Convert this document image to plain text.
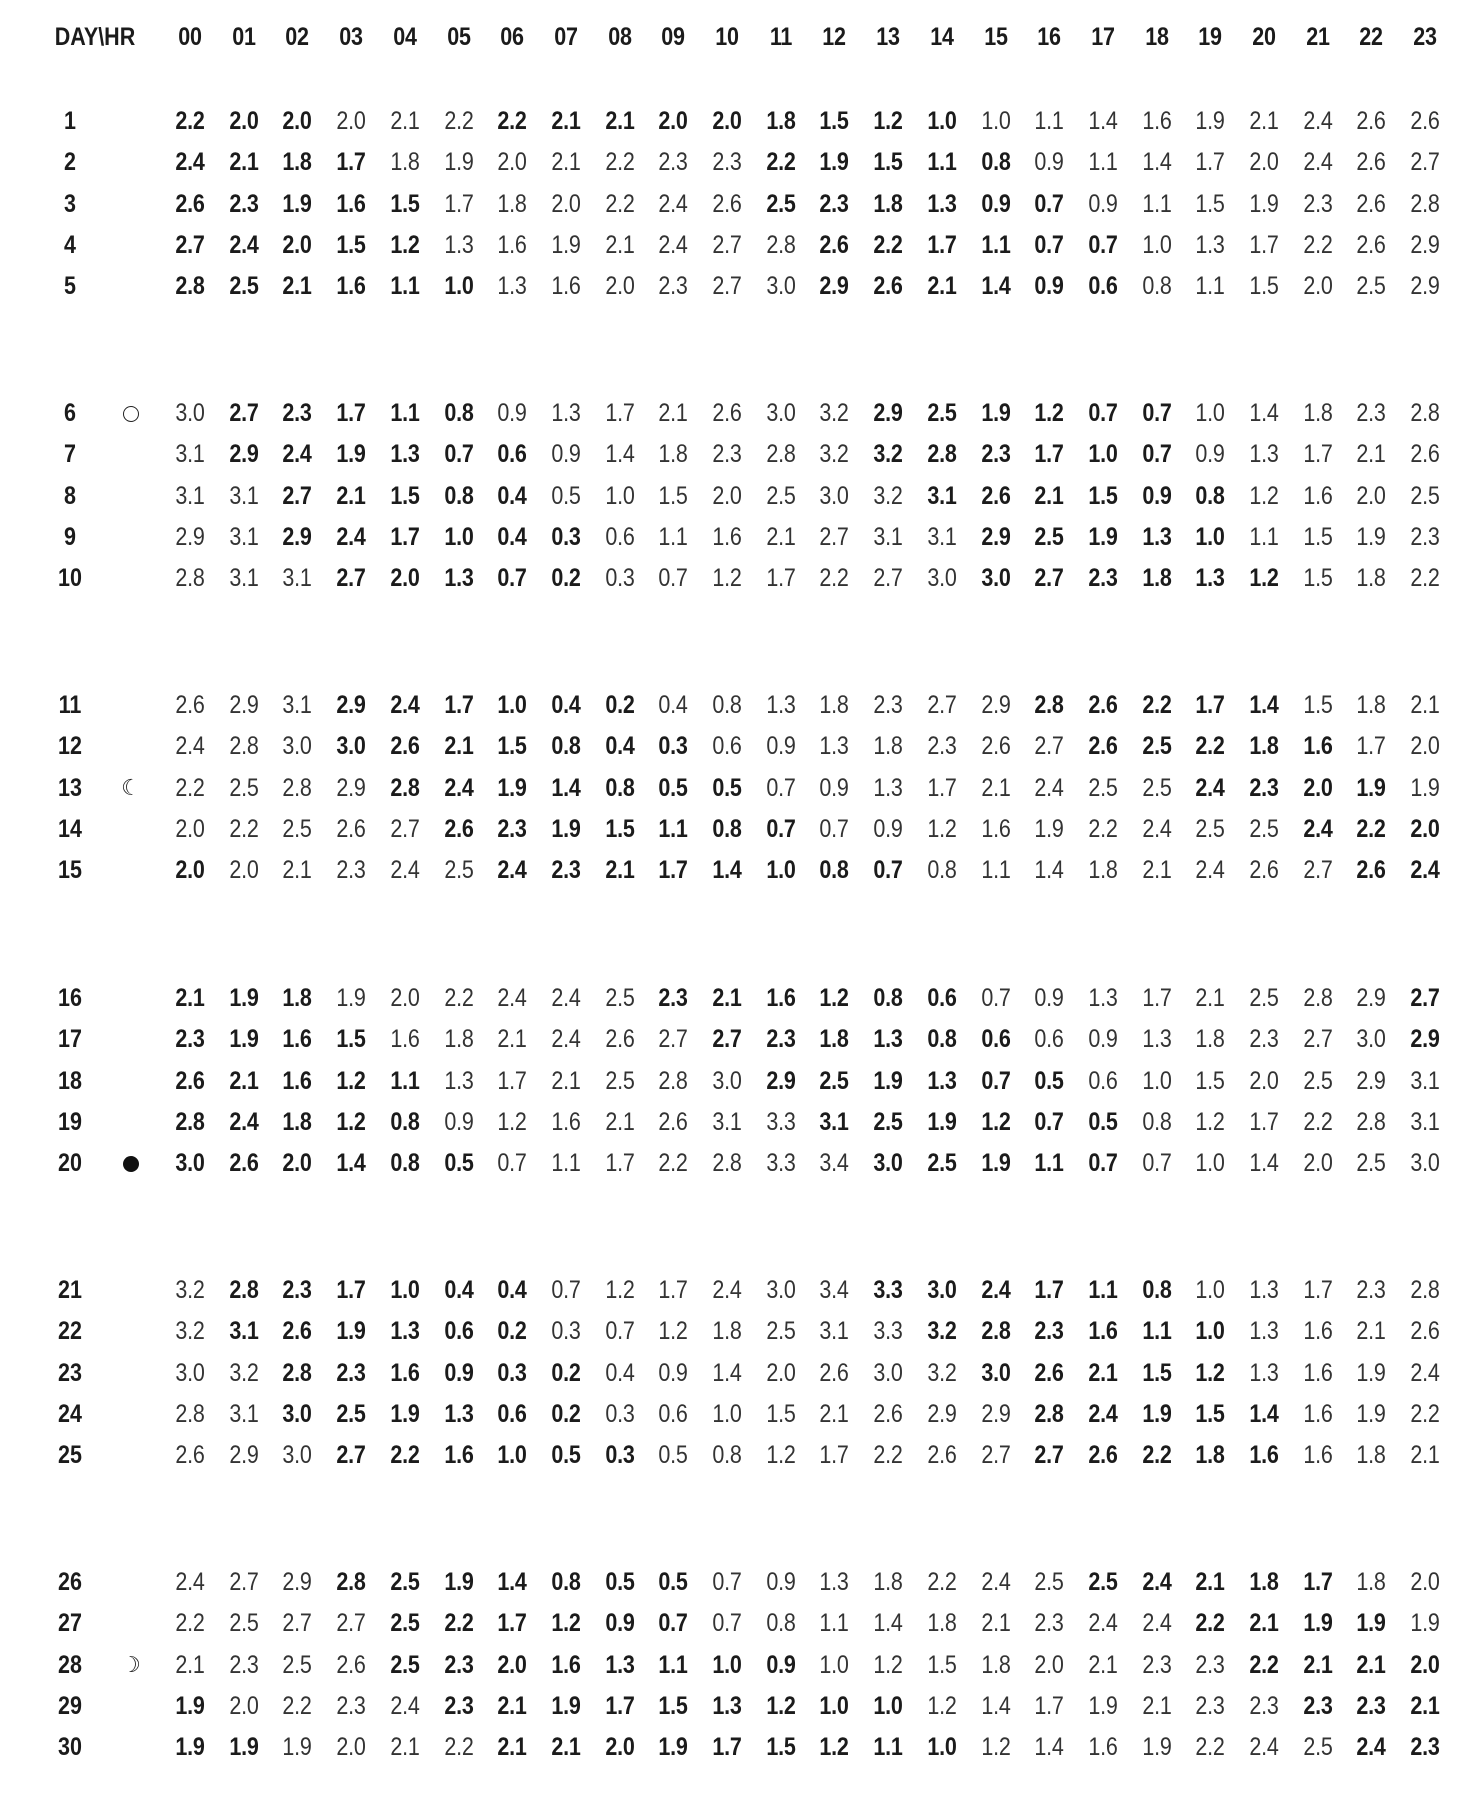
DAY\HR	00	01	02	03	04	05	06	07	08	09	10	11	12	13	14	15	16	17	18	19	20	21	22	23
1	2.2 2.0 2.0 2.0 2.1 2.2 2.2 2.1 2.1 2.0 2.0 1.8 1.5 1.2 1.0 1.0 1.1 1.4 1.6 1.9 2.1 2.4 2.6 2.6
2	2.4 2.1 1.8 1.7 1.8 1.9 2.0 2.1 2.2 2.3 2.3 2.2 1.9 1.5 1.1 0.8 0.9 1.1 1.4 1.7 2.0 2.4 2.6 2.7
3	2.6 2.3 1.9 1.6 1.5 1.7 1.8 2.0 2.2 2.4 2.6 2.5 2.3 1.8 1.3 0.9 0.7 0.9 1.1 1.5 1.9 2.3 2.6 2.8
4	2.7 2.4 2.0 1.5 1.2 1.3 1.6 1.9 2.1 2.4 2.7 2.8 2.6 2.2 1.7 1.1 0.7 0.7 1.0 1.3 1.7 2.2 2.6 2.9
5	2.8 2.5 2.1 1.6 1.1 1.0 1.3 1.6 2.0 2.3 2.7 3.0 2.9 2.6 2.1 1.4 0.9 0.6 0.8 1.1 1.5 2.0 2.5 2.9
6	3.0 2.7 2.3 1.7 1.1 0.8 0.9 1.3 1.7 2.1 2.6 3.0 3.2 2.9 2.5 1.9 1.2 0.7 0.7 1.0 1.4 1.8 2.3 2.8
7	3.1 2.9 2.4 1.9 1.3 0.7 0.6 0.9 1.4 1.8 2.3 2.8 3.2 3.2 2.8 2.3 1.7 1.0 0.7 0.9 1.3 1.7 2.1 2.6
8	3.1 3.1 2.7 2.1 1.5 0.8 0.4 0.5 1.0 1.5 2.0 2.5 3.0 3.2 3.1 2.6 2.1 1.5 0.9 0.8 1.2 1.6 2.0 2.5
9	2.9 3.1 2.9 2.4 1.7 1.0 0.4 0.3 0.6 1.1 1.6 2.1 2.7 3.1 3.1 2.9 2.5 1.9 1.3 1.0 1.1 1.5 1.9 2.3
10	2.8 3.1 3.1 2.7 2.0 1.3 0.7 0.2 0.3 0.7 1.2 1.7 2.2 2.7 3.0 3.0 2.7 2.3 1.8 1.3 1.2 1.5 1.8 2.2
11	2.6 2.9 3.1 2.9 2.4 1.7 1.0 0.4 0.2 0.4 0.8 1.3 1.8 2.3 2.7 2.9 2.8 2.6 2.2 1.7 1.4 1.5 1.8 2.1
12	2.4 2.8 3.0 3.0 2.6 2.1 1.5 0.8 0.4 0.3 0.6 0.9 1.3 1.8 2.3 2.6 2.7 2.6 2.5 2.2 1.8 1.6 1.7 2.0
13	☾	2.2 2.5 2.8 2.9 2.8 2.4 1.9 1.4 0.8 0.5 0.5 0.7 0.9 1.3 1.7 2.1 2.4 2.5 2.5 2.4 2.3 2.0 1.9 1.9
14	2.0 2.2 2.5 2.6 2.7 2.6 2.3 1.9 1.5 1.1 0.8 0.7 0.7 0.9 1.2 1.6 1.9 2.2 2.4 2.5 2.5 2.4 2.2 2.0
15	2.0 2.0 2.1 2.3 2.4 2.5 2.4 2.3 2.1 1.7 1.4 1.0 0.8 0.7 0.8 1.1 1.4 1.8 2.1 2.4 2.6 2.7 2.6 2.4
16	2.1 1.9 1.8 1.9 2.0 2.2 2.4 2.4 2.5 2.3 2.1 1.6 1.2 0.8 0.6 0.7 0.9 1.3 1.7 2.1 2.5 2.8 2.9 2.7
17	2.3 1.9 1.6 1.5 1.6 1.8 2.1 2.4 2.6 2.7 2.7 2.3 1.8 1.3 0.8 0.6 0.6 0.9 1.3 1.8 2.3 2.7 3.0 2.9
18	2.6 2.1 1.6 1.2 1.1 1.3 1.7 2.1 2.5 2.8 3.0 2.9 2.5 1.9 1.3 0.7 0.5 0.6 1.0 1.5 2.0 2.5 2.9 3.1
19	2.8 2.4 1.8 1.2 0.8 0.9 1.2 1.6 2.1 2.6 3.1 3.3 3.1 2.5 1.9 1.2 0.7 0.5 0.8 1.2 1.7 2.2 2.8 3.1
20	3.0 2.6 2.0 1.4 0.8 0.5 0.7 1.1 1.7 2.2 2.8 3.3 3.4 3.0 2.5 1.9 1.1 0.7 0.7 1.0 1.4 2.0 2.5 3.0
21	3.2 2.8 2.3 1.7 1.0 0.4 0.4 0.7 1.2 1.7 2.4 3.0 3.4 3.3 3.0 2.4 1.7 1.1 0.8 1.0 1.3 1.7 2.3 2.8
22	3.2 3.1 2.6 1.9 1.3 0.6 0.2 0.3 0.7 1.2 1.8 2.5 3.1 3.3 3.2 2.8 2.3 1.6 1.1 1.0 1.3 1.6 2.1 2.6
23	3.0 3.2 2.8 2.3 1.6 0.9 0.3 0.2 0.4 0.9 1.4 2.0 2.6 3.0 3.2 3.0 2.6 2.1 1.5 1.2 1.3 1.6 1.9 2.4
24	2.8 3.1 3.0 2.5 1.9 1.3 0.6 0.2 0.3 0.6 1.0 1.5 2.1 2.6 2.9 2.9 2.8 2.4 1.9 1.5 1.4 1.6 1.9 2.2
25	2.6 2.9 3.0 2.7 2.2 1.6 1.0 0.5 0.3 0.5 0.8 1.2 1.7 2.2 2.6 2.7 2.7 2.6 2.2 1.8 1.6 1.6 1.8 2.1
26	2.4 2.7 2.9 2.8 2.5 1.9 1.4 0.8 0.5 0.5 0.7 0.9 1.3 1.8 2.2 2.4 2.5 2.5 2.4 2.1 1.8 1.7 1.8 2.0
27	2.2 2.5 2.7 2.7 2.5 2.2 1.7 1.2 0.9 0.7 0.7 0.8 1.1 1.4 1.8 2.1 2.3 2.4 2.4 2.2 2.1 1.9 1.9 1.9
28	☽	2.1 2.3 2.5 2.6 2.5 2.3 2.0 1.6 1.3 1.1 1.0 0.9 1.0 1.2 1.5 1.8 2.0 2.1 2.3 2.3 2.2 2.1 2.1 2.0
29	1.9 2.0 2.2 2.3 2.4 2.3 2.1 1.9 1.7 1.5 1.3 1.2 1.0 1.0 1.2 1.4 1.7 1.9 2.1 2.3 2.3 2.3 2.3 2.1
30	1.9 1.9 1.9 2.0 2.1 2.2 2.1 2.1 2.0 1.9 1.7 1.5 1.2 1.1 1.0 1.2 1.4 1.6 1.9 2.2 2.4 2.5 2.4 2.3
